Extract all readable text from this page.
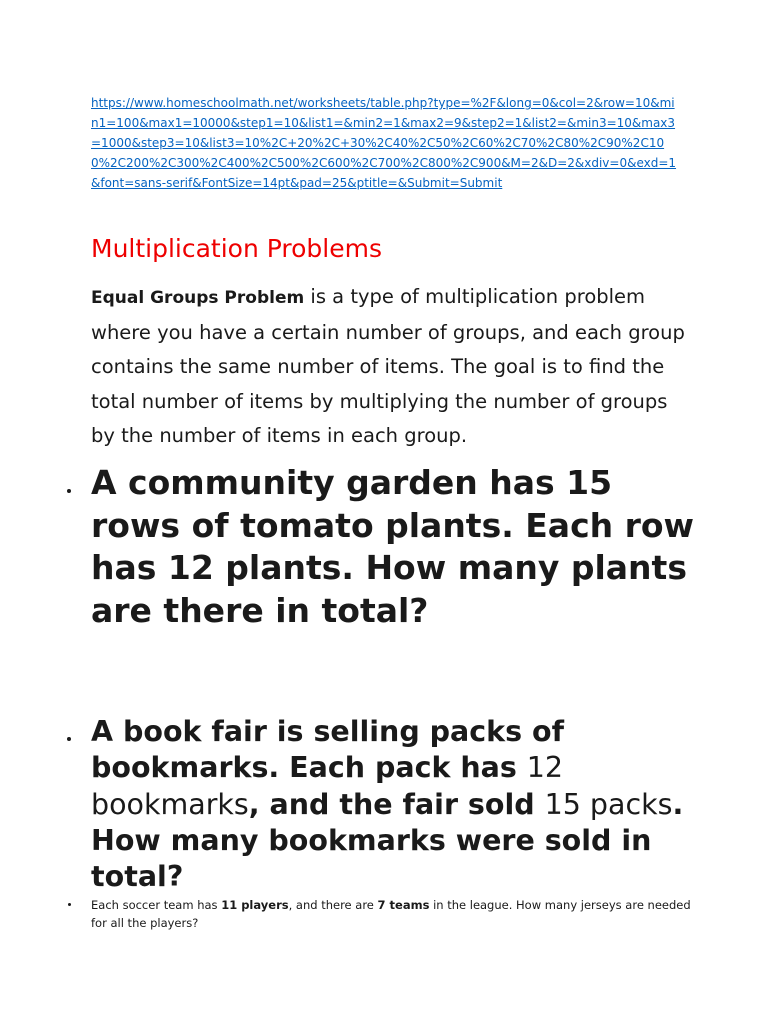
https://www.homeschoolmath.net/worksheets/table.php?type=%2F&long=0&col=2&row=10&min1=100&max1=10000&step1=10&list1=&min2=1&max2=9&step2=1&list2=&min3=10&max3=1000&step3=10&list3=10%2C+20%2C+30%2C40%2C50%2C60%2C70%2C80%2C90%2C100%2C200%2C300%2C400%2C500%2C600%2C700%2C800%2C900&M=2&D=2&xdiv=0&exd=1&font=sans-serif&FontSize=14pt&pad=25&ptitle=&Submit=Submit
Multiplication Problems

Equal Groups Problem is a type of multiplication problem where you have a certain number of groups, and each group contains the same number of items. The goal is to find the total number of items by multiplying the number of groups by the number of items in each group.

A community garden has 15 rows of tomato plants. Each row has 12 plants. How many plants are there in total?

A book fair is selling packs of bookmarks. Each pack has 12 bookmarks, and the fair sold 15 packs. How many bookmarks were sold in total?

Each soccer team has 11 players, and there are 7 teams in the league. How many jerseys are needed for all the players?
